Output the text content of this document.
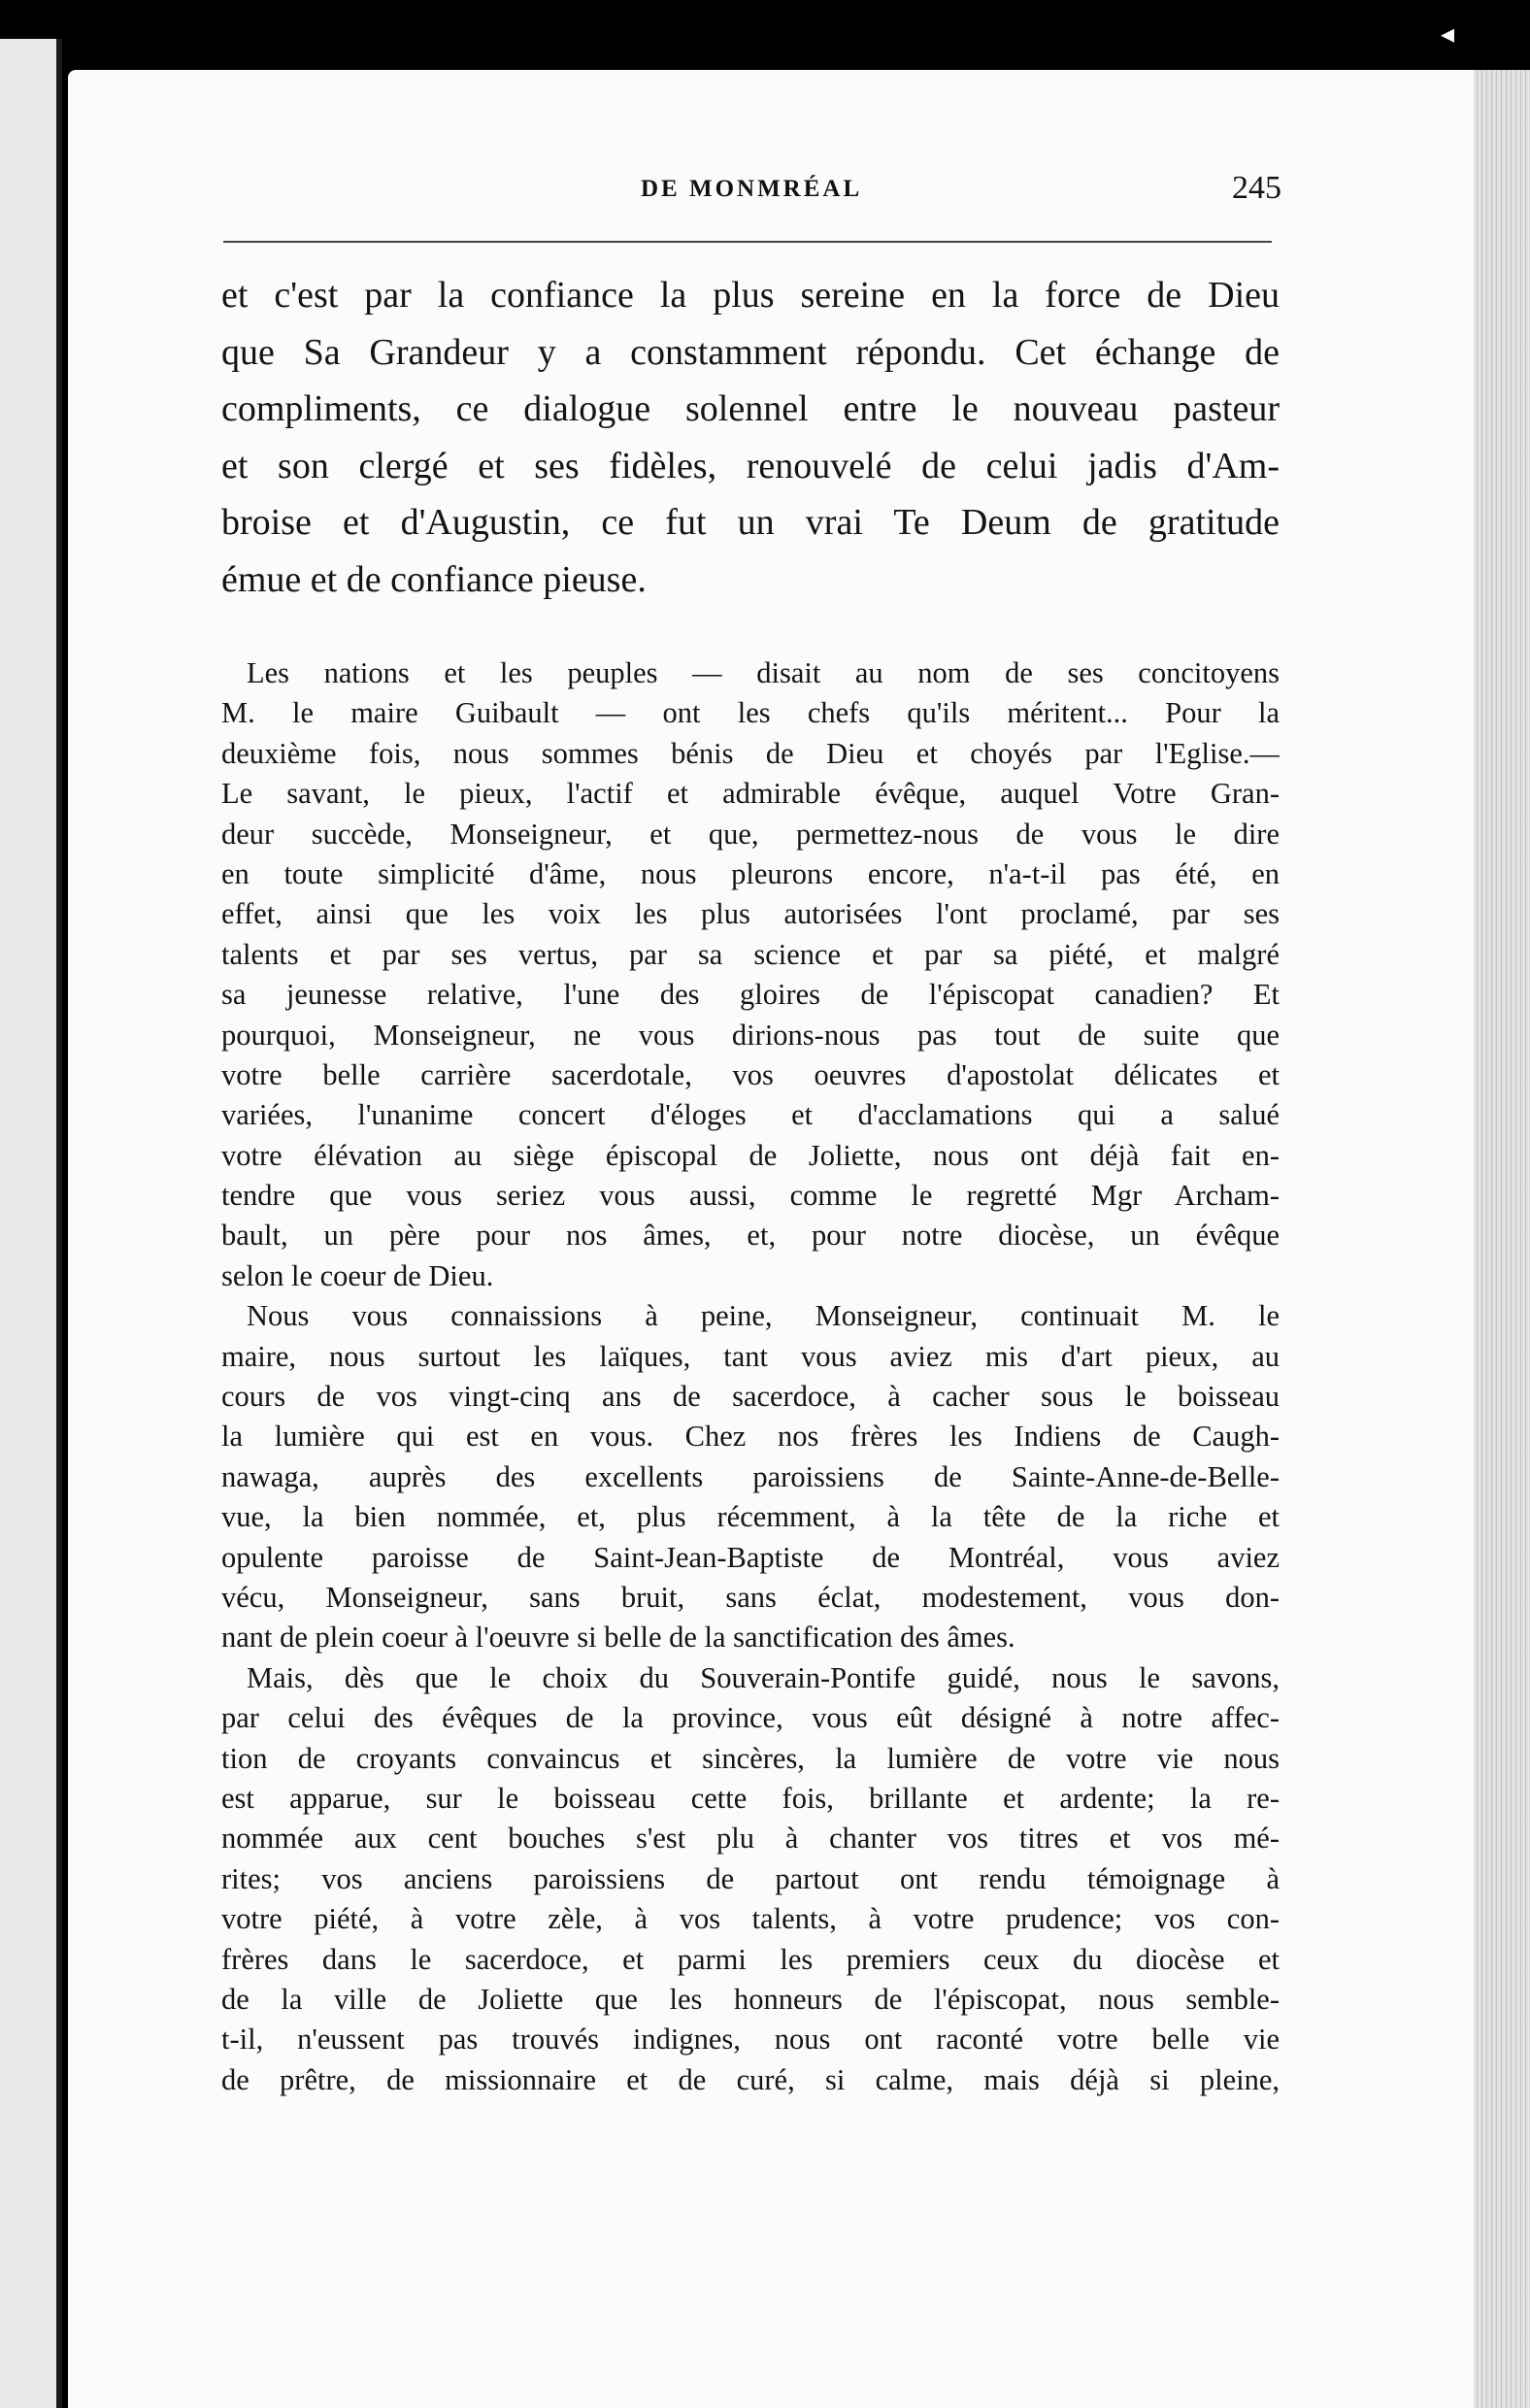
◂
DE MONMRÉAL	245
et c'est par la confiance la plus sereine en la force de Dieu
que Sa Grandeur y a constamment répondu. Cet échange de
compliments, ce dialogue solennel entre le nouveau pasteur
et son clergé et ses fidèles, renouvelé de celui jadis d'Am-
broise et d'Augustin, ce fut un vrai Te Deum de gratitude
émue et de confiance pieuse.
Les nations et les peuples — disait au nom de ses concitoyens
M. le maire Guibault — ont les chefs qu'ils méritent... Pour la
deuxième fois, nous sommes bénis de Dieu et choyés par l'Eglise.—
Le savant, le pieux, l'actif et admirable évêque, auquel Votre Gran-
deur succède, Monseigneur, et que, permettez-nous de vous le dire
en toute simplicité d'âme, nous pleurons encore, n'a-t-il pas été, en
effet, ainsi que les voix les plus autorisées l'ont proclamé, par ses
talents et par ses vertus, par sa science et par sa piété, et malgré
sa jeunesse relative, l'une des gloires de l'épiscopat canadien? Et
pourquoi, Monseigneur, ne vous dirions-nous pas tout de suite que
votre belle carrière sacerdotale, vos oeuvres d'apostolat délicates et
variées, l'unanime concert d'éloges et d'acclamations qui a salué
votre élévation au siège épiscopal de Joliette, nous ont déjà fait en-
tendre que vous seriez vous aussi, comme le regretté Mgr Archam-
bault, un père pour nos âmes, et, pour notre diocèse, un évêque
selon le coeur de Dieu.
Nous vous connaissions à peine, Monseigneur, continuait M. le
maire, nous surtout les laïques, tant vous aviez mis d'art pieux, au
cours de vos vingt-cinq ans de sacerdoce, à cacher sous le boisseau
la lumière qui est en vous. Chez nos frères les Indiens de Caugh-
nawaga, auprès des excellents paroissiens de Sainte-Anne-de-Belle-
vue, la bien nommée, et, plus récemment, à la tête de la riche et
opulente paroisse de Saint-Jean-Baptiste de Montréal, vous aviez
vécu, Monseigneur, sans bruit, sans éclat, modestement, vous don-
nant de plein coeur à l'oeuvre si belle de la sanctification des âmes.
Mais, dès que le choix du Souverain-Pontife guidé, nous le savons,
par celui des évêques de la province, vous eût désigné à notre affec-
tion de croyants convaincus et sincères, la lumière de votre vie nous
est apparue, sur le boisseau cette fois, brillante et ardente; la re-
nommée aux cent bouches s'est plu à chanter vos titres et vos mé-
rites; vos anciens paroissiens de partout ont rendu témoignage à
votre piété, à votre zèle, à vos talents, à votre prudence; vos con-
frères dans le sacerdoce, et parmi les premiers ceux du diocèse et
de la ville de Joliette que les honneurs de l'épiscopat, nous semble-
t-il, n'eussent pas trouvés indignes, nous ont raconté votre belle vie
de prêtre, de missionnaire et de curé, si calme, mais déjà si pleine,
